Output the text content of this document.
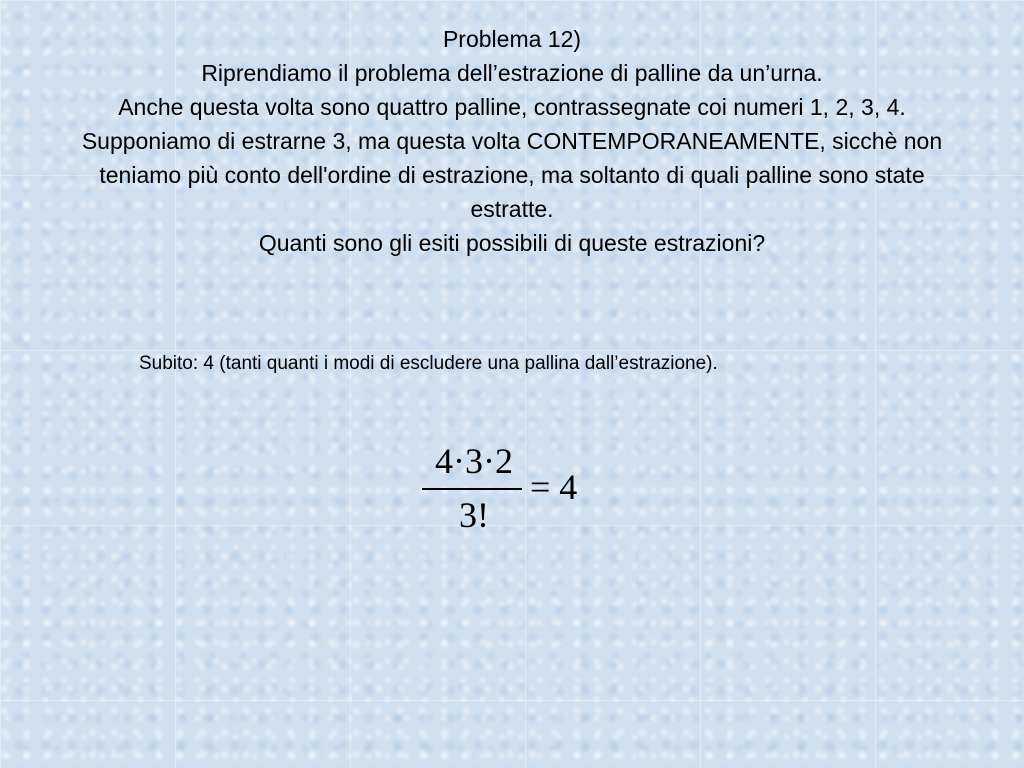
Problema 12)
Riprendiamo il problema dell’estrazione di palline da un’urna.
Anche questa volta sono quattro palline, contrassegnate coi numeri 1, 2, 3, 4.
Supponiamo di estrarne 3, ma questa volta CONTEMPORANEAMENTE, sicchè non teniamo più conto dell'ordine di estrazione, ma soltanto di quali palline sono state estratte.
Quanti sono gli esiti possibili di queste estrazioni?
Subito: 4 (tanti quanti i modi di escludere una pallina dall’estrazione).
4·3·2
3!
= 4
